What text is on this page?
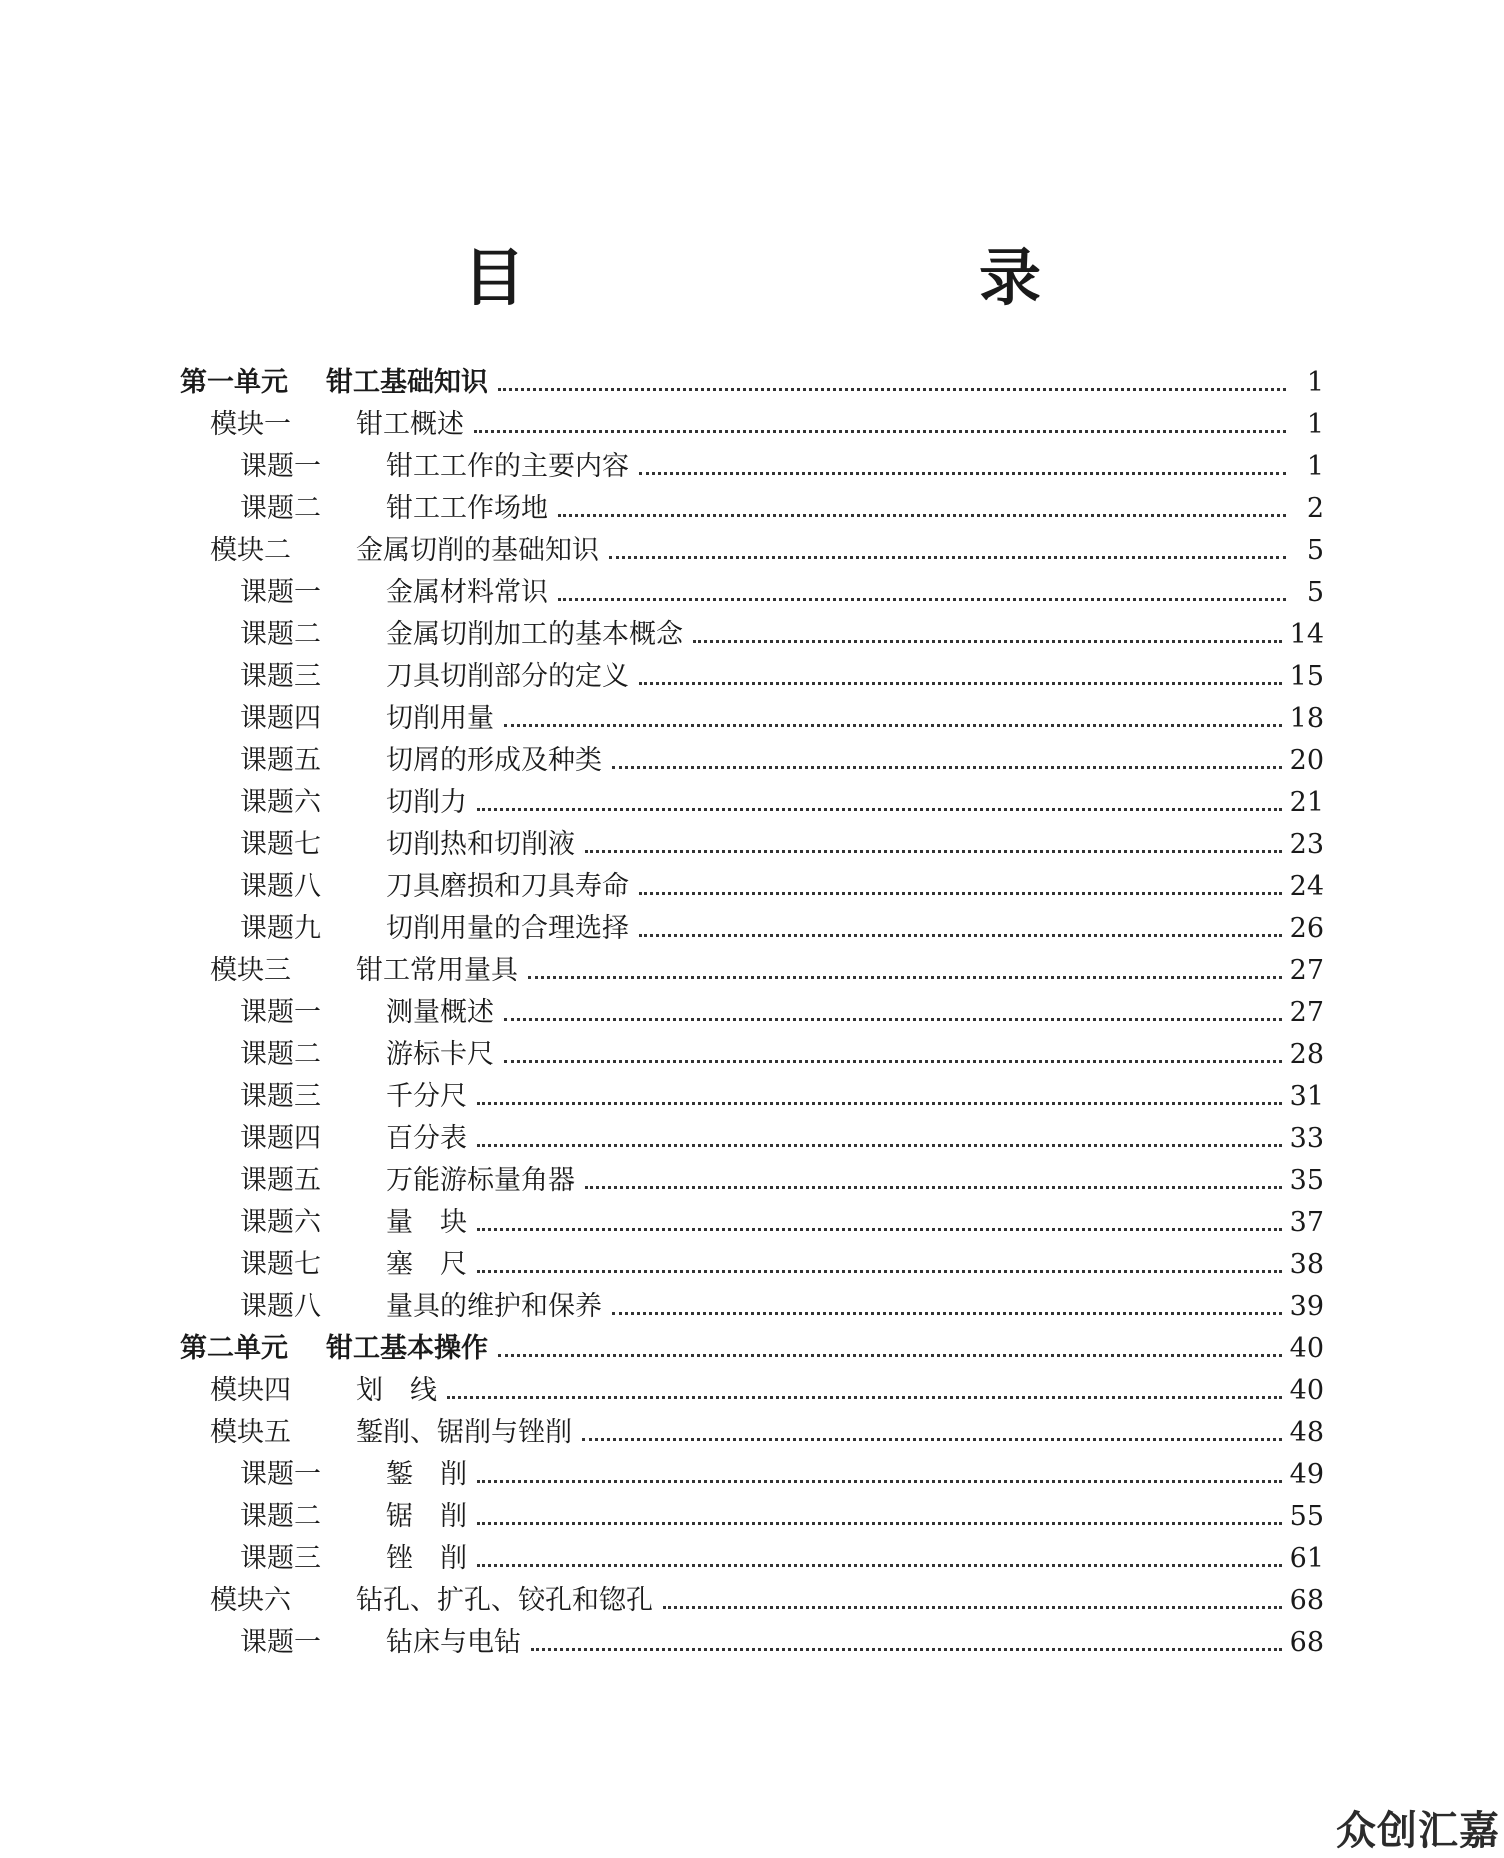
目　　录
第一单元	钳工基础知识	1
模块一	钳工概述	1
课题一	钳工工作的主要内容	1
课题二	钳工工作场地	2
模块二	金属切削的基础知识	5
课题一	金属材料常识	5
课题二	金属切削加工的基本概念	14
课题三	刀具切削部分的定义	15
课题四	切削用量	18
课题五	切屑的形成及种类	20
课题六	切削力	21
课题七	切削热和切削液	23
课题八	刀具磨损和刀具寿命	24
课题九	切削用量的合理选择	26
模块三	钳工常用量具	27
课题一	测量概述	27
课题二	游标卡尺	28
课题三	千分尺	31
课题四	百分表	33
课题五	万能游标量角器	35
课题六	量　块	37
课题七	塞　尺	38
课题八	量具的维护和保养	39
第二单元	钳工基本操作	40
模块四	划　线	40
模块五	錾削、锯削与锉削	48
课题一	錾　削	49
课题二	锯　削	55
课题三	锉　削	61
模块六	钻孔、扩孔、铰孔和锪孔	68
课题一	钻床与电钻	68
众创汇嘉
